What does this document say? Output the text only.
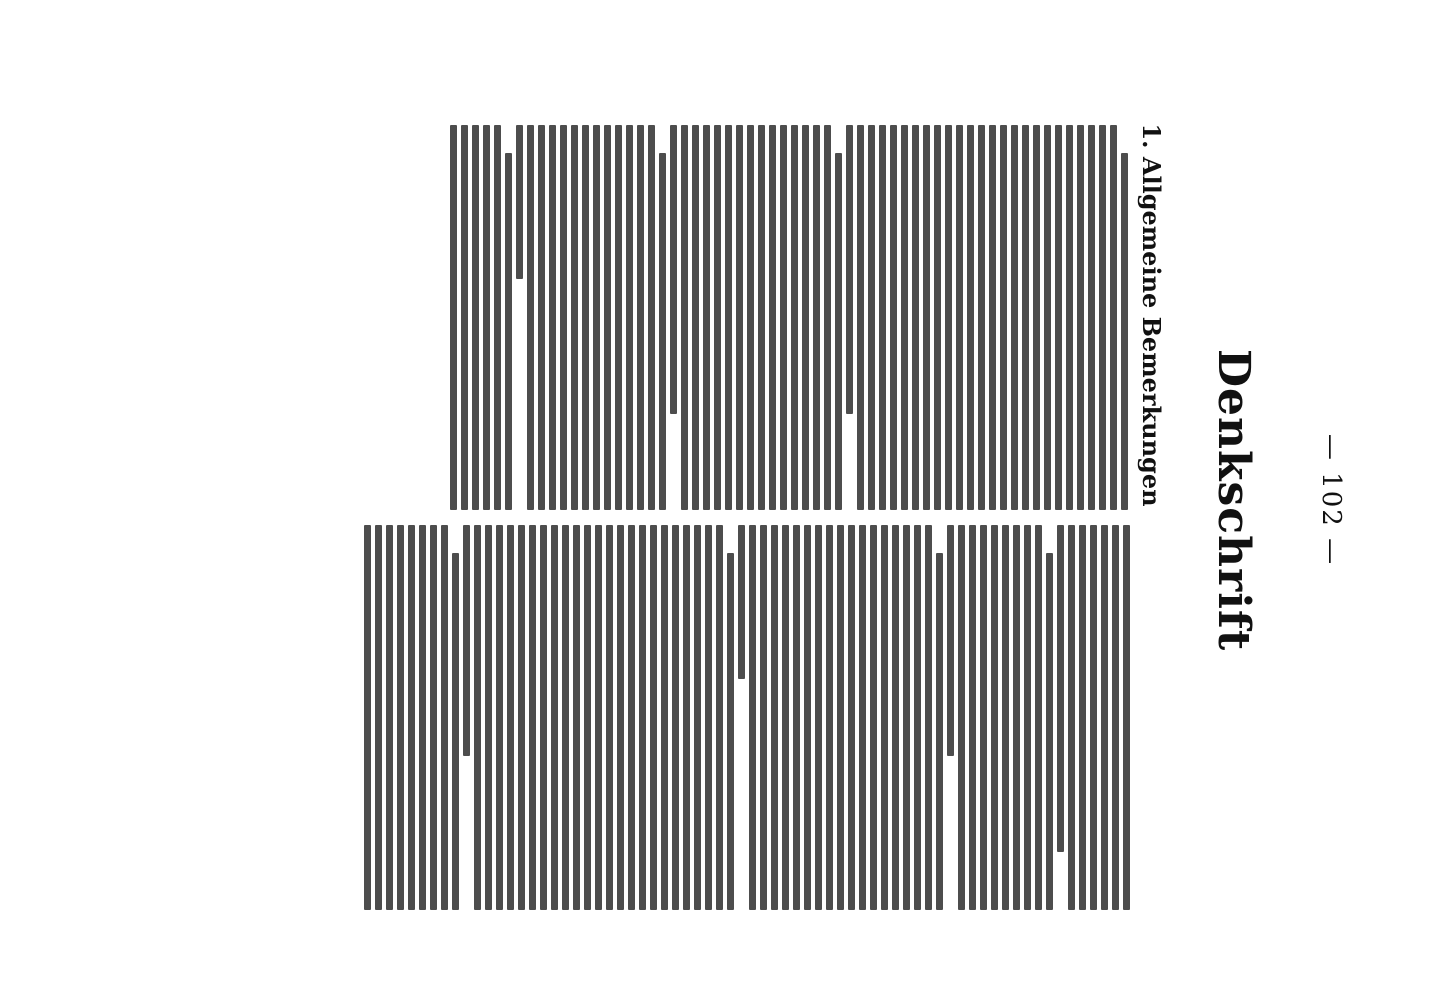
— 102 —
Denkschrift
1. Allgemeine Bemerkungen
